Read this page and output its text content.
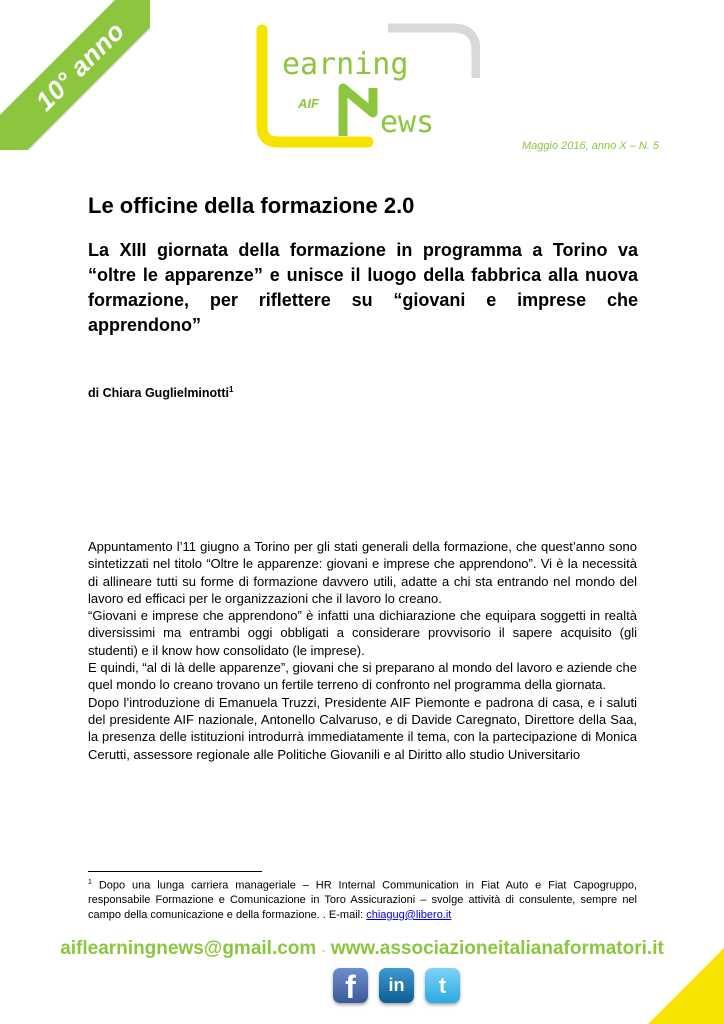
10° anno	earning
ews
AIF
Maggio 2016, anno X – N. 5
Le officine della formazione 2.0
La XIII giornata della formazione in programma a Torino va “oltre le apparenze” e unisce il luogo della fabbrica alla nuova formazione, per riflettere su “giovani e imprese che apprendono”
di Chiara Guglielminotti$^1$

Appuntamento l’11 giugno a Torino per gli stati generali della formazione, che quest’anno sono sintetizzati nel titolo “Oltre le apparenze: giovani e imprese che apprendono”. Vi è la necessità di allineare tutti su forme di formazione davvero utili, adatte a chi sta entrando nel mondo del lavoro ed efficaci per le organizzazioni che il lavoro lo creano.

“Giovani e imprese che apprendono” è infatti una dichiarazione che equipara soggetti in realtà diversissimi ma entrambi oggi obbligati a considerare provvisorio il sapere acquisito (gli studenti) e il know how consolidato (le imprese).

E quindi, “al di là delle apparenze”, giovani che si preparano al mondo del lavoro e aziende che quel mondo lo creano trovano un fertile terreno di confronto nel programma della giornata.

Dopo l’introduzione di Emanuela Truzzi, Presidente AIF Piemonte e padrona di casa, e i saluti del presidente AIF nazionale, Antonello Calvaruso, e di Davide Caregnato, Direttore della Saa, la presenza delle istituzioni introdurrà immediatamente il tema, con la partecipazione di Monica Cerutti, assessore regionale alle Politiche Giovanili e al Diritto allo studio Universitario

$^1$ Dopo una lunga carriera manageriale – HR Internal Communication in Fiat Auto e Fiat Capogruppo, responsabile Formazione e Comunicazione in Toro Assicurazioni – svolge attività di consulente, sempre nel campo della comunicazione e della formazione. . E-mail: chiagug@libero.it
aiflearningnews@gmail.com - www.associazioneitalianaformatori.it
f in t
